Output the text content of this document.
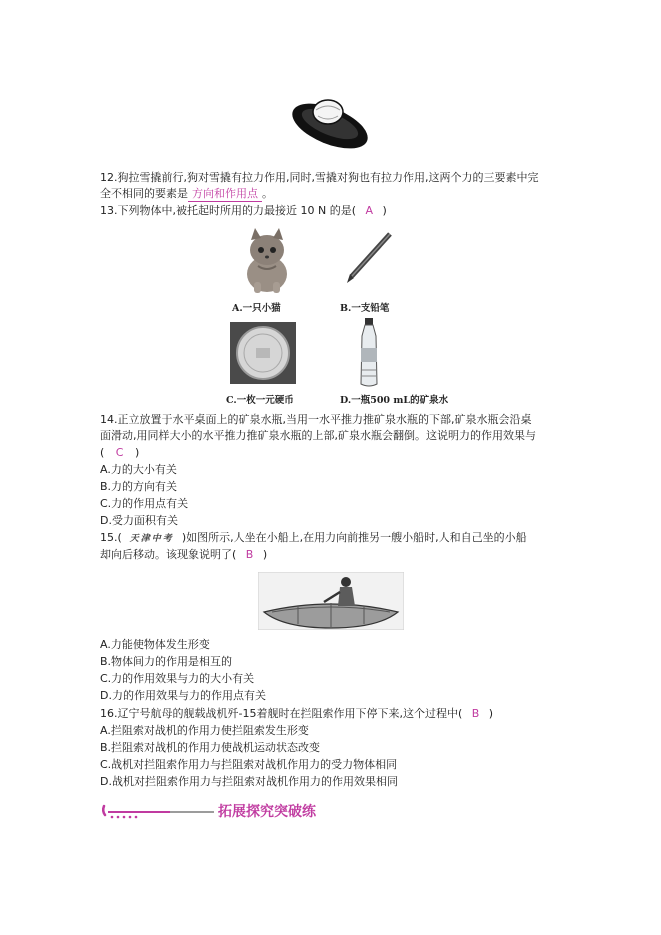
12.狗拉雪撬前行,狗对雪撬有拉力作用,同时,雪撬对狗也有拉力作用,这两个力的三要素中完
全不相同的要素是 方向和作用点 。
13.下列物体中,被托起时所用的力最接近 10 N 的是( A )
A.一只小猫	B.一支铅笔
C.一枚一元硬币	D.一瓶500 mL的矿泉水
14.正立放置于水平桌面上的矿泉水瓶,当用一水平推力推矿泉水瓶的下部,矿泉水瓶会沿桌
面滑动,用同样大小的水平推力推矿泉水瓶的上部,矿泉水瓶会翻倒。这说明力的作用效果与
( C )
A.力的大小有关
B.力的方向有关
C.力的作用点有关
D.受力面积有关
15.( 天津中考 )如图所示,人坐在小船上,在用力向前推另一艘小船时,人和自己坐的小船
却向后移动。该现象说明了( B )
A.力能使物体发生形变
B.物体间力的作用是相互的
C.力的作用效果与力的大小有关
D.力的作用效果与力的作用点有关
16.辽宁号航母的舰载战机歼-15着舰时在拦阻索作用下停下来,这个过程中( B )
A.拦阻索对战机的作用力使拦阻索发生形变
B.拦阻索对战机的作用力使战机运动状态改变
C.战机对拦阻索作用力与拦阻索对战机作用力的受力物体相同
D.战机对拦阻索作用力与拦阻索对战机作用力的作用效果相同
拓展探究突破练
